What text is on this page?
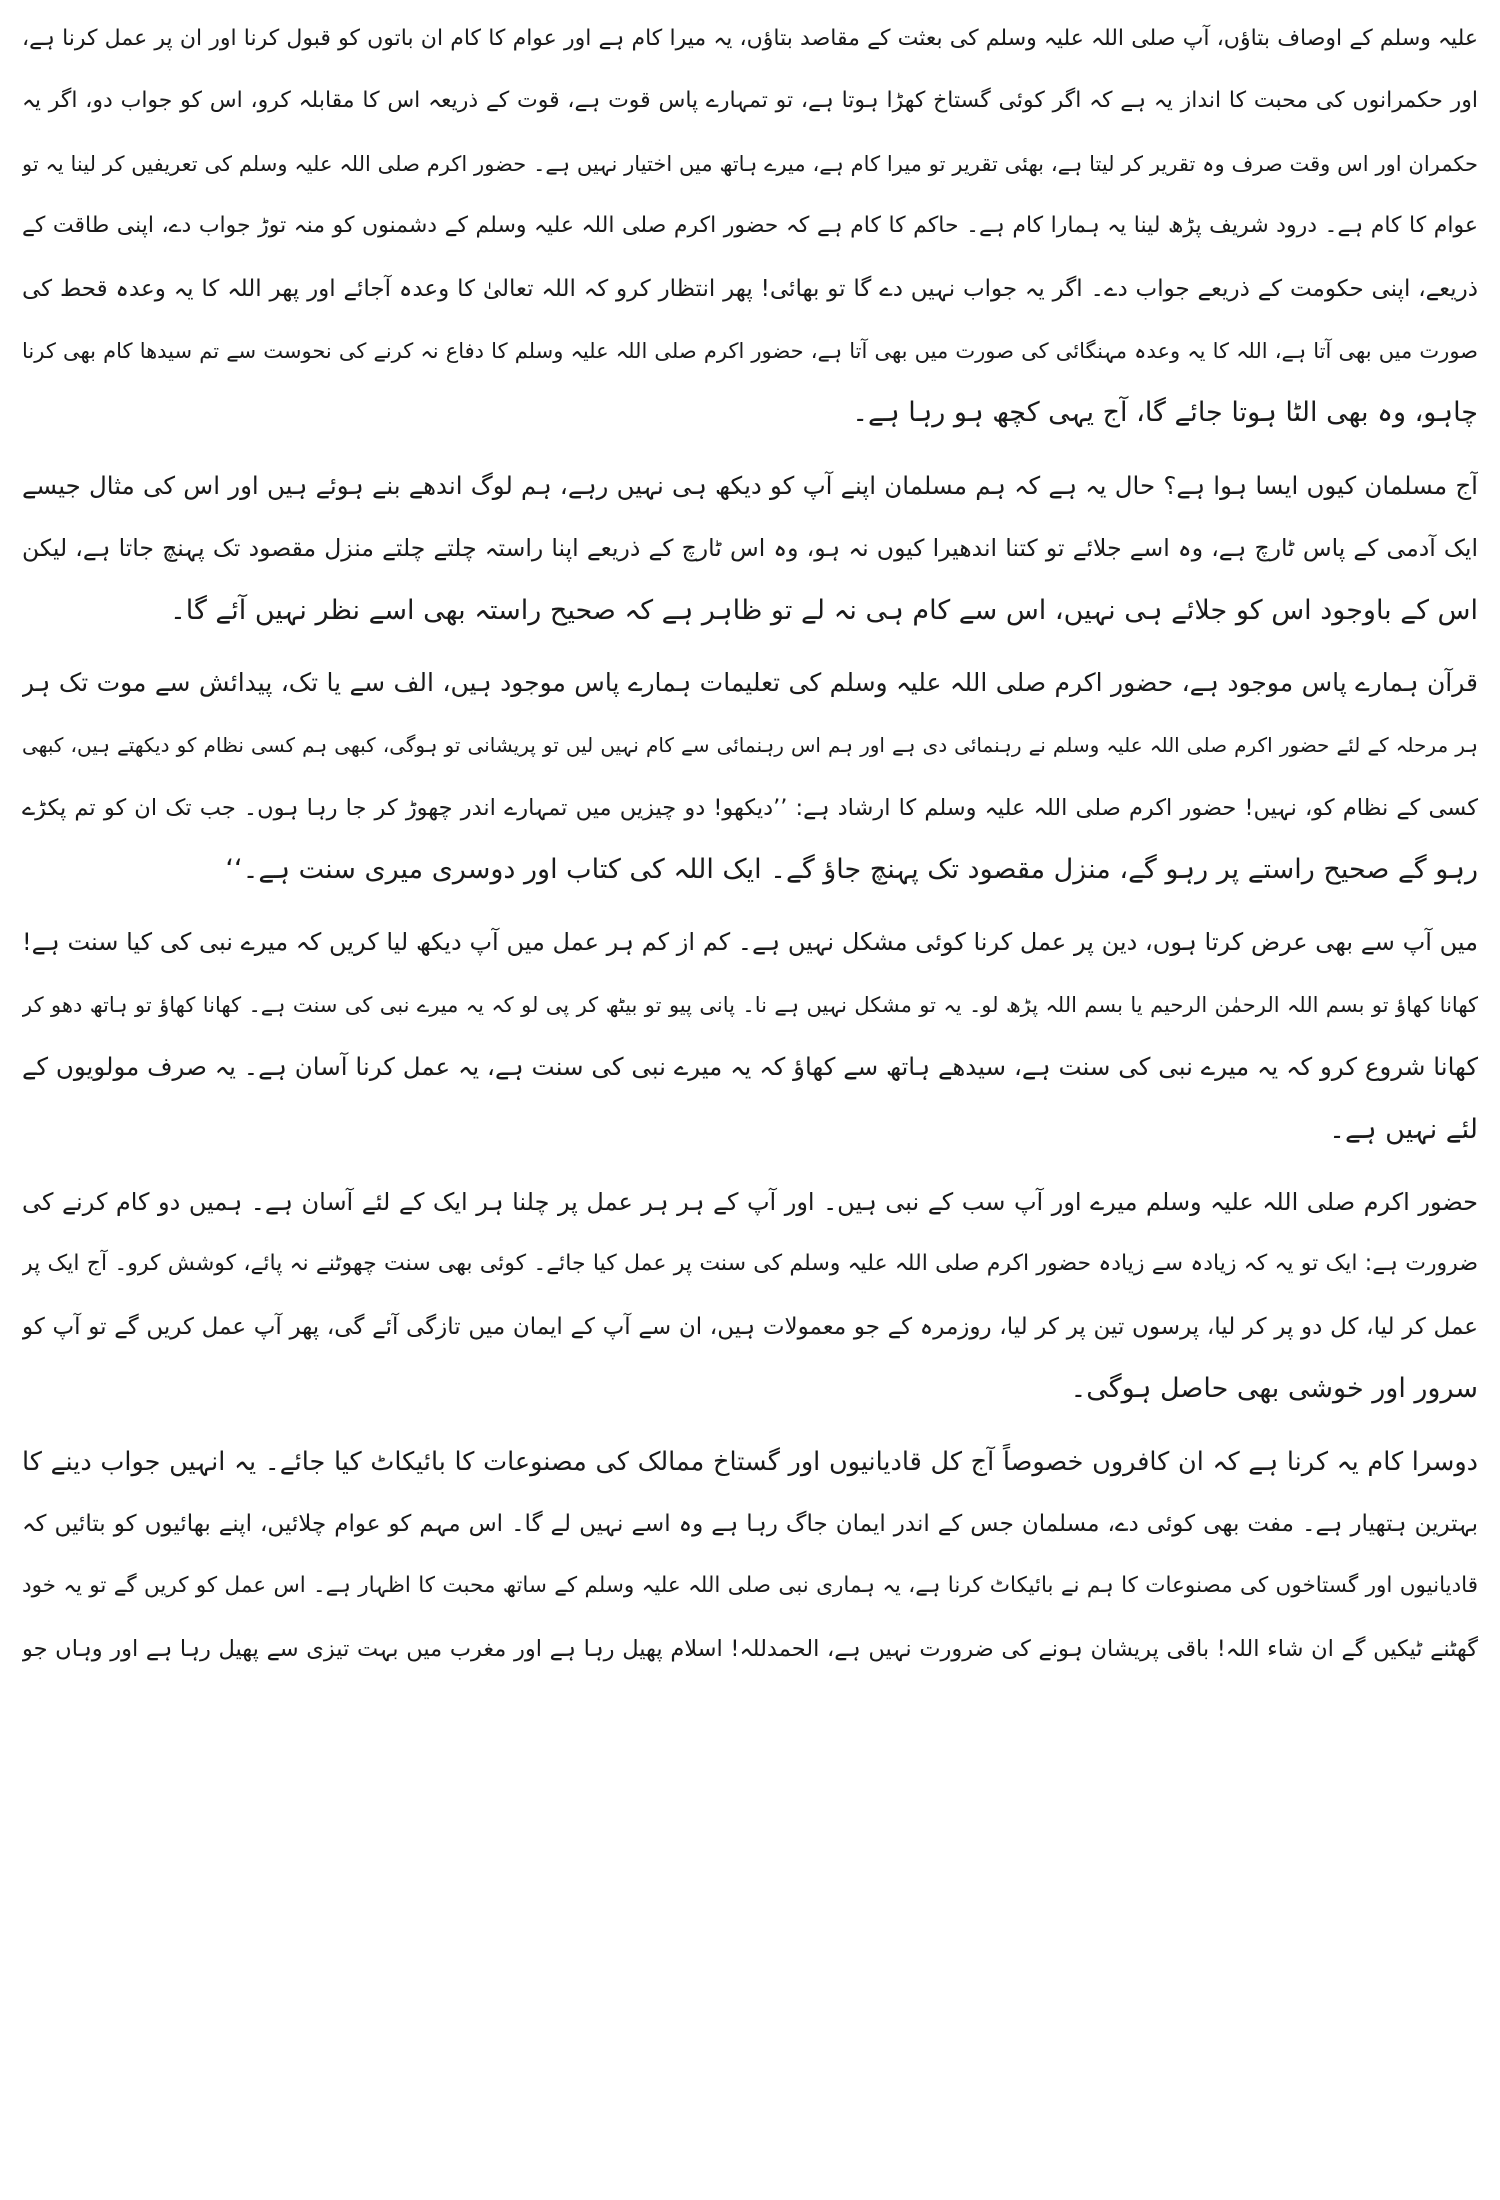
علیہ وسلم کے اوصاف بتاؤں، آپ صلی اللہ علیہ وسلم کی بعثت کے مقاصد بتاؤں، یہ میرا کام ہے اور عوام کا کام ان باتوں کو قبول کرنا اور ان پر عمل کرنا ہے،
اور حکمرانوں کی محبت کا انداز یہ ہے کہ اگر کوئی گستاخ کھڑا ہوتا ہے، تو تمہارے پاس قوت ہے، قوت کے ذریعہ اس کا مقابلہ کرو، اس کو جواب دو، اگر یہ
حکمران اور اس وقت صرف وہ تقریر کر لیتا ہے، بھئی تقریر تو میرا کام ہے، میرے ہاتھ میں اختیار نہیں ہے۔ حضور اکرم صلی اللہ علیہ وسلم کی تعریفیں کر لینا یہ تو
عوام کا کام ہے۔ درود شریف پڑھ لینا یہ ہمارا کام ہے۔ حاکم کا کام ہے کہ حضور اکرم صلی اللہ علیہ وسلم کے دشمنوں کو منہ توڑ جواب دے، اپنی طاقت کے
ذریعے، اپنی حکومت کے ذریعے جواب دے۔ اگر یہ جواب نہیں دے گا تو بھائی! پھر انتظار کرو کہ اللہ تعالیٰ کا وعدہ آجائے اور پھر اللہ کا یہ وعدہ قحط کی
صورت میں بھی آتا ہے، اللہ کا یہ وعدہ مہنگائی کی صورت میں بھی آتا ہے، حضور اکرم صلی اللہ علیہ وسلم کا دفاع نہ کرنے کی نحوست سے تم سیدھا کام بھی کرنا
چاہو، وہ بھی الٹا ہوتا جائے گا، آج یہی کچھ ہو رہا ہے۔
آج مسلمان کیوں ایسا ہوا ہے؟ حال یہ ہے کہ ہم مسلمان اپنے آپ کو دیکھ ہی نہیں رہے، ہم لوگ اندھے بنے ہوئے ہیں اور اس کی مثال جیسے
ایک آدمی کے پاس ٹارچ ہے، وہ اسے جلائے تو کتنا اندھیرا کیوں نہ ہو، وہ اس ٹارچ کے ذریعے اپنا راستہ چلتے چلتے منزل مقصود تک پہنچ جاتا ہے، لیکن
اس کے باوجود اس کو جلائے ہی نہیں، اس سے کام ہی نہ لے تو ظاہر ہے کہ صحیح راستہ بھی اسے نظر نہیں آئے گا۔
قرآن ہمارے پاس موجود ہے، حضور اکرم صلی اللہ علیہ وسلم کی تعلیمات ہمارے پاس موجود ہیں، الف سے یا تک، پیدائش سے موت تک ہر
ہر مرحلہ کے لئے حضور اکرم صلی اللہ علیہ وسلم نے رہنمائی دی ہے اور ہم اس رہنمائی سے کام نہیں لیں تو پریشانی تو ہوگی، کبھی ہم کسی نظام کو دیکھتے ہیں، کبھی
کسی کے نظام کو، نہیں! حضور اکرم صلی اللہ علیہ وسلم کا ارشاد ہے: ’’دیکھو! دو چیزیں میں تمہارے اندر چھوڑ کر جا رہا ہوں۔ جب تک ان کو تم پکڑے
رہو گے صحیح راستے پر رہو گے، منزل مقصود تک پہنچ جاؤ گے۔ ایک اللہ کی کتاب اور دوسری میری سنت ہے۔‘‘
میں آپ سے بھی عرض کرتا ہوں، دین پر عمل کرنا کوئی مشکل نہیں ہے۔ کم از کم ہر عمل میں آپ دیکھ لیا کریں کہ میرے نبی کی کیا سنت ہے!
کھانا کھاؤ تو بسم اللہ الرحمٰن الرحیم یا بسم اللہ پڑھ لو۔ یہ تو مشکل نہیں ہے نا۔ پانی پیو تو بیٹھ کر پی لو کہ یہ میرے نبی کی سنت ہے۔ کھانا کھاؤ تو ہاتھ دھو کر
کھانا شروع کرو کہ یہ میرے نبی کی سنت ہے، سیدھے ہاتھ سے کھاؤ کہ یہ میرے نبی کی سنت ہے، یہ عمل کرنا آسان ہے۔ یہ صرف مولویوں کے
لئے نہیں ہے۔
حضور اکرم صلی اللہ علیہ وسلم میرے اور آپ سب کے نبی ہیں۔ اور آپ کے ہر ہر عمل پر چلنا ہر ایک کے لئے آسان ہے۔ ہمیں دو کام کرنے کی
ضرورت ہے: ایک تو یہ کہ زیادہ سے زیادہ حضور اکرم صلی اللہ علیہ وسلم کی سنت پر عمل کیا جائے۔ کوئی بھی سنت چھوٹنے نہ پائے، کوشش کرو۔ آج ایک پر
عمل کر لیا، کل دو پر کر لیا، پرسوں تین پر کر لیا، روزمرہ کے جو معمولات ہیں، ان سے آپ کے ایمان میں تازگی آئے گی، پھر آپ عمل کریں گے تو آپ کو
سرور اور خوشی بھی حاصل ہوگی۔
دوسرا کام یہ کرنا ہے کہ ان کافروں خصوصاً آج کل قادیانیوں اور گستاخ ممالک کی مصنوعات کا بائیکاٹ کیا جائے۔ یہ انہیں جواب دینے کا
بہترین ہتھیار ہے۔ مفت بھی کوئی دے، مسلمان جس کے اندر ایمان جاگ رہا ہے وہ اسے نہیں لے گا۔ اس مہم کو عوام چلائیں، اپنے بھائیوں کو بتائیں کہ
قادیانیوں اور گستاخوں کی مصنوعات کا ہم نے بائیکاٹ کرنا ہے، یہ ہماری نبی صلی اللہ علیہ وسلم کے ساتھ محبت کا اظہار ہے۔ اس عمل کو کریں گے تو یہ خود
گھٹنے ٹیکیں گے ان شاء اللہ! باقی پریشان ہونے کی ضرورت نہیں ہے، الحمدللہ! اسلام پھیل رہا ہے اور مغرب میں بہت تیزی سے پھیل رہا ہے اور وہاں جو
